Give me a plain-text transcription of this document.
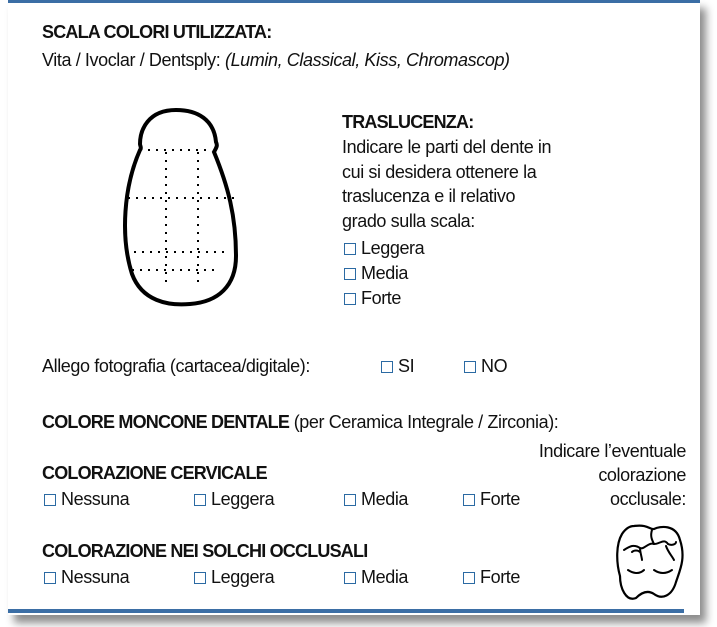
SCALA COLORI UTILIZZATA:
Vita / Ivoclar / Dentsply: (Lumin, Classical, Kiss, Chromascop)
TRASLUCENZA:
Indicare le parti del dente in
cui si desidera ottenere la
traslucenza e il relativo
grado sulla scala:
Leggera
Media
Forte
Allego fotografia (cartacea/digitale):	SI	NO
COLORE MONCONE DENTALE (per Ceramica Integrale / Zirconia):
Indicare l’eventuale
colorazione
occlusale:
COLORAZIONE CERVICALE
Nessuna	Leggera	Media	Forte
COLORAZIONE NEI SOLCHI OCCLUSALI
Nessuna	Leggera	Media	Forte
